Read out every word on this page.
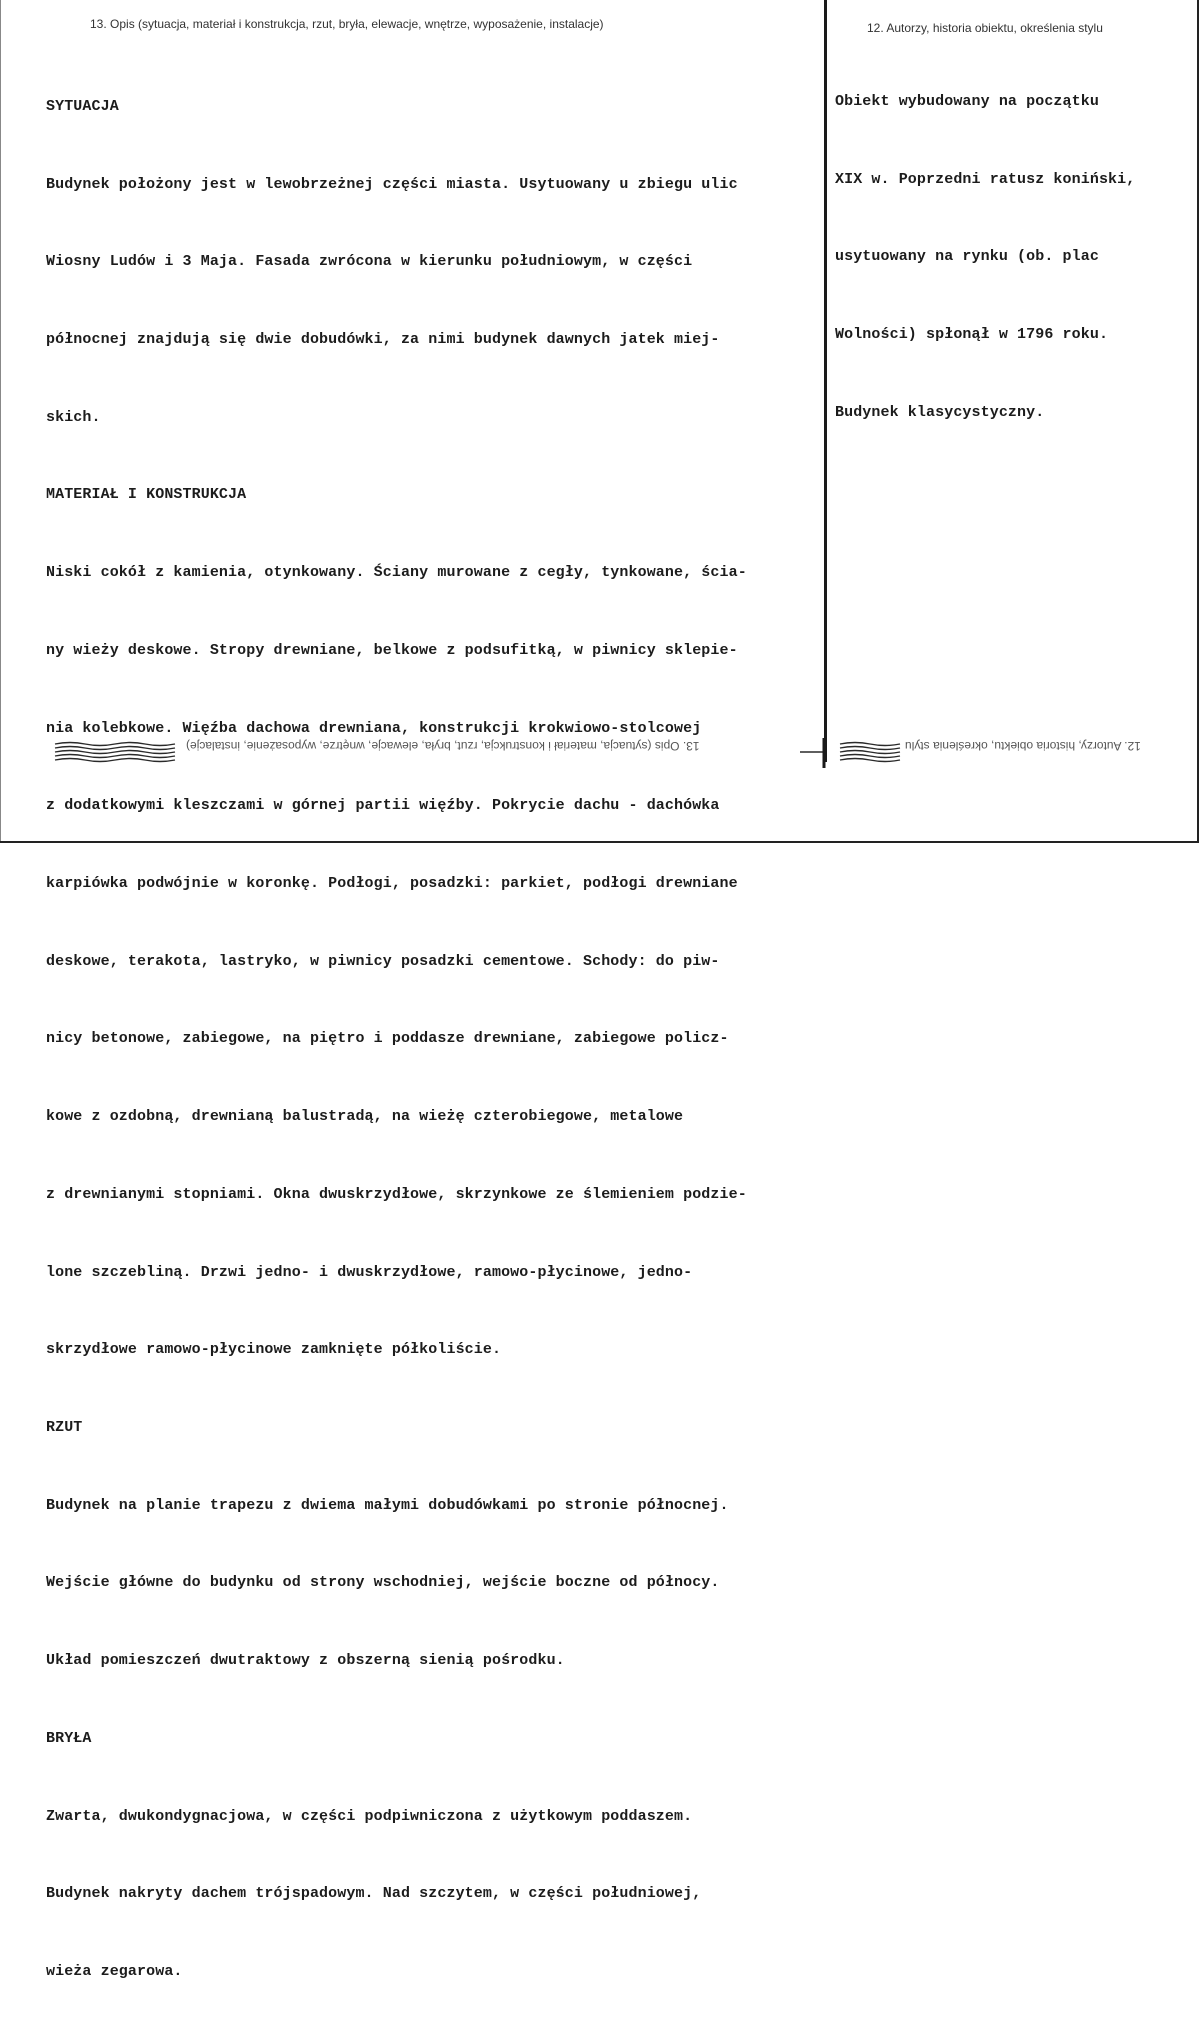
13. Opis (sytuacja, materiał i konstrukcja, rzut, bryła, elewacje, wnętrze, wyposażenie, instalacje)	12. Autorzy, historia obiektu, określenia stylu

SYTUACJA

Budynek położony jest w lewobrzeżnej części miasta. Usytuowany u zbiegu ulic

Wiosny Ludów i 3 Maja. Fasada zwrócona w kierunku południowym, w części

północnej znajdują się dwie dobudówki, za nimi budynek dawnych jatek miej-

skich.

MATERIAŁ I KONSTRUKCJA

Niski cokół z kamienia, otynkowany. Ściany murowane z cegły, tynkowane, ścia-

ny wieży deskowe. Stropy drewniane, belkowe z podsufitką, w piwnicy sklepie-

nia kolebkowe. Więźba dachowa drewniana, konstrukcji krokwiowo-stolcowej

z dodatkowymi kleszczami w górnej partii więźby. Pokrycie dachu - dachówka

karpiówka podwójnie w koronkę. Podłogi, posadzki: parkiet, podłogi drewniane

deskowe, terakota, lastryko, w piwnicy posadzki cementowe. Schody: do piw-

nicy betonowe, zabiegowe, na piętro i poddasze drewniane, zabiegowe policz-

kowe z ozdobną, drewnianą balustradą, na wieżę czterobiegowe, metalowe

z drewnianymi stopniami. Okna dwuskrzydłowe, skrzynkowe ze ślemieniem podzie-

lone szczebliną. Drzwi jedno- i dwuskrzydłowe, ramowo-płycinowe, jedno-

skrzydłowe ramowo-płycinowe zamknięte półkoliście.

RZUT

Budynek na planie trapezu z dwiema małymi dobudówkami po stronie północnej.

Wejście główne do budynku od strony wschodniej, wejście boczne od północy.

Układ pomieszczeń dwutraktowy z obszerną sienią pośrodku.

BRYŁA

Zwarta, dwukondygnacjowa, w części podpiwniczona z użytkowym poddaszem.

Budynek nakryty dachem trójspadowym. Nad szczytem, w części południowej,

wieża zegarowa.

Obiekt wybudowany na początku

XIX w. Poprzedni ratusz koniński,

usytuowany na rynku (ob. plac

Wolności) spłonął w 1796 roku.

Budynek klasycystyczny.

13. Opis (sytuacja, materiał i konstrukcja, rzut, bryła, elewacje, wnętrze, wyposażenie, instalacje)	12. Autorzy, historia obiektu, określenia stylu
